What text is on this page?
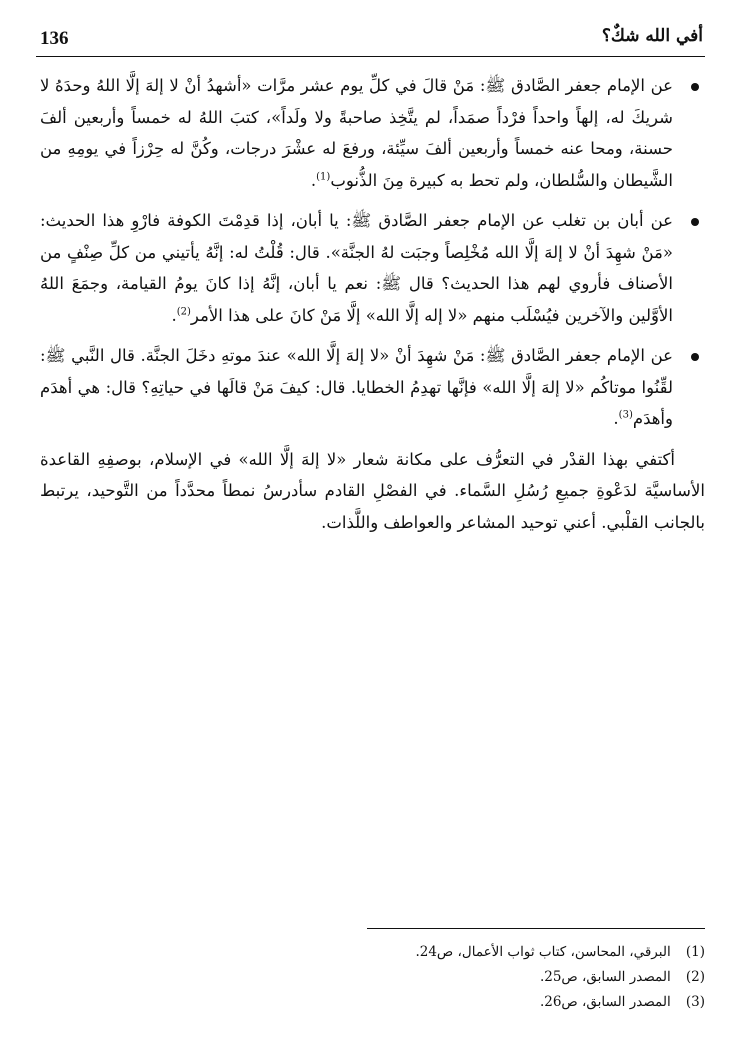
136	أفي الله شكٌ؟
عن الإمام جعفر الصَّادق ﷺ: مَنْ قالَ في كلِّ يوم عشر مرَّات «أشهدُ أنْ لا إلهَ إلَّا اللهُ وحدَهُ لا شريكَ له، إلهاً واحداً فرْداً صمَداً، لم يتَّخِذ صاحبةً ولا ولَداً»، كتبَ اللهُ له خمساً وأربعين ألفَ حسنة، ومحا عنه خمساً وأربعين ألفَ سيِّئة، ورفعَ له عشْرَ درجات، وكُنَّ له حِرْزاً في يومِهِ من الشَّيطان والسُّلطان، ولم تحط به كبيرة مِنَ الذُّنوب$^{(1)}$.
عن أبان بن تغلب عن الإمام جعفر الصَّادق ﷺ: يا أبان، إذا قدِمْتَ الكوفة فارْوِ هذا الحديث: «مَنْ شهِدَ أنْ لا إلهَ إلَّا الله مُخْلِصاً وجبَت لهُ الجنَّة». قال: قُلْتُ له: إنَّهُ يأتيني من كلِّ صِنْفٍ من الأصناف فأروي لهم هذا الحديث؟ قال ﷺ: نعم يا أبان، إنَّهُ إذا كانَ يومُ القيامة، وجمَعَ اللهُ الأوَّلين والآخرين فيُسْلَب منهم «لا إله إلَّا الله» إلَّا مَنْ كانَ على هذا الأمر$^{(2)}$.
عن الإمام جعفر الصَّادق ﷺ: مَنْ شهِدَ أنْ «لا إلهَ إلَّا الله» عندَ موتهِ دخَلَ الجنَّة. قال النَّبي ﷺ: لقِّنُوا موتاكُم «لا إلهَ إلَّا الله» فإنَّها تهدِمُ الخطايا. قال: كيفَ مَنْ قالَها في حياتِهِ؟ قال: هي أهدَم وأهدَم$^{(3)}$.

أكتفي بهذا القدْر في التعرُّف على مكانة شعار «لا إلهَ إلَّا الله» في الإسلام، بوصفِهِ القاعدة الأساسيَّة لدَعْوةِ جميعِ رُسُلِ السَّماء. في الفصْلِ القادم سأدرسُ نمطاً محدَّداً من التَّوحيد، يرتبط بالجانب القلْبي. أعني توحيد المشاعر والعواطف واللَّذات.

(1) البرقي، المحاسن، كتاب ثواب الأعمال، ص24.
(2) المصدر السابق، ص25.
(3) المصدر السابق، ص26.
